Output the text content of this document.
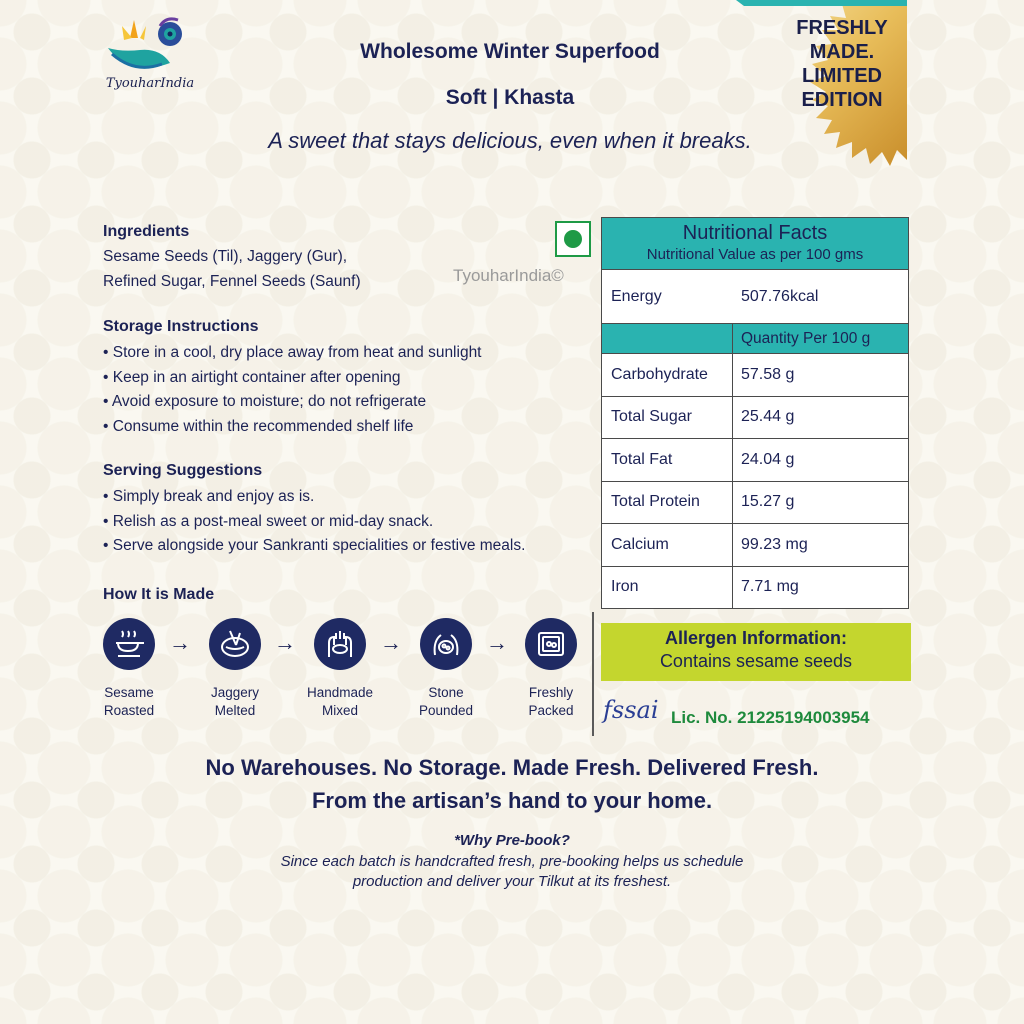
TyouharIndia
Wholesome Winter Superfood
Soft | Khasta
A sweet that stays delicious, even when it breaks.
FRESHLY
MADE.
LIMITED
EDITION
Ingredients
Sesame Seeds (Til), Jaggery (Gur),
Refined Sugar, Fennel Seeds (Saunf)	TyouharIndia©
Storage Instructions
• Store in a cool, dry place away from heat and sunlight
• Keep in an airtight container after opening
• Avoid exposure to moisture; do not refrigerate
• Consume within the recommended shelf life
Serving Suggestions
• Simply break and enjoy as is.
• Relish as a post-meal sweet or mid-day snack.
• Serve alongside your Sankranti specialities or festive meals.
How It is Made
Sesame
Roasted
→
Jaggery
Melted
→
Handmade
Mixed
→
Stone
Pounded
→
Freshly
Packed
Nutritional Facts
Nutritional Value as per 100 gms
Energy	507.76kcal
Quantity Per 100 g
Carbohydrate	57.58 g
Total Sugar	25.44 g
Total Fat	24.04 g
Total Protein	15.27 g
Calcium	99.23 mg
Iron	7.71 mg
Allergen Information:
Contains sesame seeds
fssai Lic. No. 21225194003954
No Warehouses. No Storage. Made Fresh. Delivered Fresh.
From the artisan’s hand to your home.
*Why Pre-book?
Since each batch is handcrafted fresh, pre-booking helps us schedule
production and deliver your Tilkut at its freshest.
